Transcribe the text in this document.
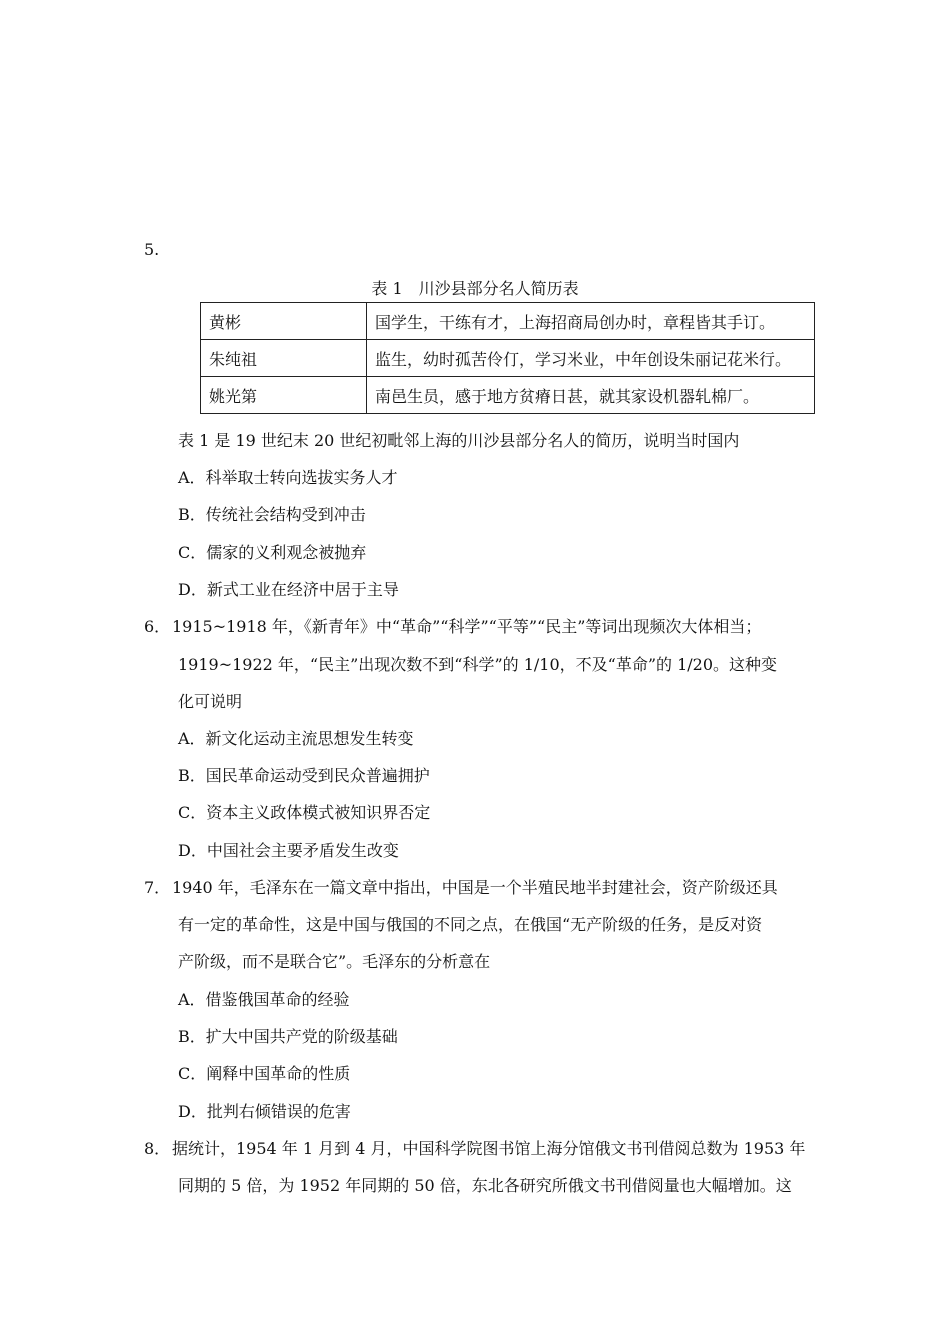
5.
表 1　川沙县部分名人简历表
黄彬	国学生，干练有才，上海招商局创办时，章程皆其手订。
朱纯祖	监生，幼时孤苦伶仃，学习米业，中年创设朱丽记花米行。
姚光第	南邑生员，感于地方贫瘠日甚，就其家设机器轧棉厂。
表 1 是 19 世纪末 20 世纪初毗邻上海的川沙县部分名人的简历，说明当时国内
A．科举取士转向选拔实务人才
B．传统社会结构受到冲击
C．儒家的义利观念被抛弃
D．新式工业在经济中居于主导
6． 1915~1918 年，《新青年》中“革命”“科学”“平等”“民主”等词出现频次大体相当；
1919~1922 年，“民主”出现次数不到“科学”的 1/10，不及“革命”的 1/20。这种变
化可说明
A．新文化运动主流思想发生转变
B．国民革命运动受到民众普遍拥护
C．资本主义政体模式被知识界否定
D．中国社会主要矛盾发生改变
7． 1940 年，毛泽东在一篇文章中指出，中国是一个半殖民地半封建社会，资产阶级还具
有一定的革命性，这是中国与俄国的不同之点，在俄国“无产阶级的任务，是反对资
产阶级，而不是联合它”。毛泽东的分析意在
A．借鉴俄国革命的经验
B．扩大中国共产党的阶级基础
C．阐释中国革命的性质
D．批判右倾错误的危害
8． 据统计，1954 年 1 月到 4 月，中国科学院图书馆上海分馆俄文书刊借阅总数为 1953 年
同期的 5 倍，为 1952 年同期的 50 倍，东北各研究所俄文书刊借阅量也大幅增加。这
